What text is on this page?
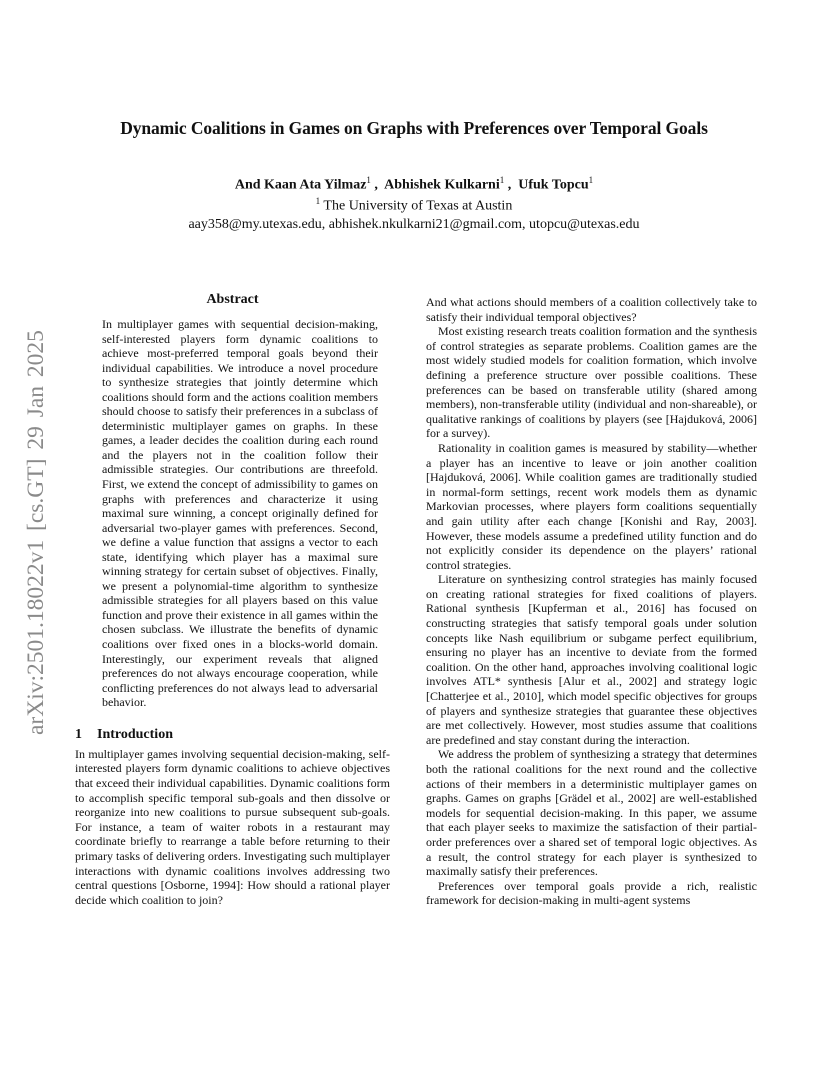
arXiv:2501.18022v1 [cs.GT] 29 Jan 2025
Dynamic Coalitions in Games on Graphs with Preferences over Temporal Goals
And Kaan Ata Yilmaz$^1$ ,  Abhishek Kulkarni$^1$ ,  Ufuk Topcu$^1$
$^1$ The University of Texas at Austin
aay358@my.utexas.edu, abhishek.nkulkarni21@gmail.com, utopcu@utexas.edu
Abstract
In multiplayer games with sequential decision-making, self-interested players form dynamic coalitions to achieve most-preferred temporal goals beyond their individual capabilities. We introduce a novel procedure to synthesize strategies that jointly determine which coalitions should form and the actions coalition members should choose to satisfy their preferences in a subclass of deterministic multiplayer games on graphs. In these games, a leader decides the coalition during each round and the players not in the coalition follow their admissible strategies. Our contributions are threefold. First, we extend the concept of admissibility to games on graphs with preferences and characterize it using maximal sure winning, a concept originally defined for adversarial two-player games with preferences. Second, we define a value function that assigns a vector to each state, identifying which player has a maximal sure winning strategy for certain subset of objectives. Finally, we present a polynomial-time algorithm to synthesize admissible strategies for all players based on this value function and prove their existence in all games within the chosen subclass. We illustrate the benefits of dynamic coalitions over fixed ones in a blocks-world domain. Interestingly, our experiment reveals that aligned preferences do not always encourage cooperation, while conflicting preferences do not always lead to adversarial behavior.
1 Introduction

In multiplayer games involving sequential decision-making, self-interested players form dynamic coalitions to achieve objectives that exceed their individual capabilities. Dynamic coalitions form to accomplish specific temporal sub-goals and then dissolve or reorganize into new coalitions to pursue subsequent sub-goals. For instance, a team of waiter robots in a restaurant may coordinate briefly to rearrange a table before returning to their primary tasks of delivering orders. Investigating such multiplayer interactions with dynamic coalitions involves addressing two central questions [Osborne, 1994]: How should a rational player decide which coalition to join?

And what actions should members of a coalition collectively take to satisfy their individual temporal objectives?

Most existing research treats coalition formation and the synthesis of control strategies as separate problems. Coalition games are the most widely studied models for coalition formation, which involve defining a preference structure over possible coalitions. These preferences can be based on transferable utility (shared among members), non-transferable utility (individual and non-shareable), or qualitative rankings of coalitions by players (see [Hajduková, 2006] for a survey).

Rationality in coalition games is measured by stability—whether a player has an incentive to leave or join another coalition [Hajduková, 2006]. While coalition games are traditionally studied in normal-form settings, recent work models them as dynamic Markovian processes, where players form coalitions sequentially and gain utility after each change [Konishi and Ray, 2003]. However, these models assume a predefined utility function and do not explicitly consider its dependence on the players’ rational control strategies.

Literature on synthesizing control strategies has mainly focused on creating rational strategies for fixed coalitions of players. Rational synthesis [Kupferman et al., 2016] has focused on constructing strategies that satisfy temporal goals under solution concepts like Nash equilibrium or subgame perfect equilibrium, ensuring no player has an incentive to deviate from the formed coalition. On the other hand, approaches involving coalitional logic involves ATL* synthesis [Alur et al., 2002] and strategy logic [Chatterjee et al., 2010], which model specific objectives for groups of players and synthesize strategies that guarantee these objectives are met collectively. However, most studies assume that coalitions are predefined and stay constant during the interaction.

We address the problem of synthesizing a strategy that determines both the rational coalitions for the next round and the collective actions of their members in a deterministic multiplayer games on graphs. Games on graphs [Grädel et al., 2002] are well-established models for sequential decision-making. In this paper, we assume that each player seeks to maximize the satisfaction of their partial-order preferences over a shared set of temporal logic objectives. As a result, the control strategy for each player is synthesized to maximally satisfy their preferences.

Preferences over temporal goals provide a rich, realistic framework for decision-making in multi-agent systems
